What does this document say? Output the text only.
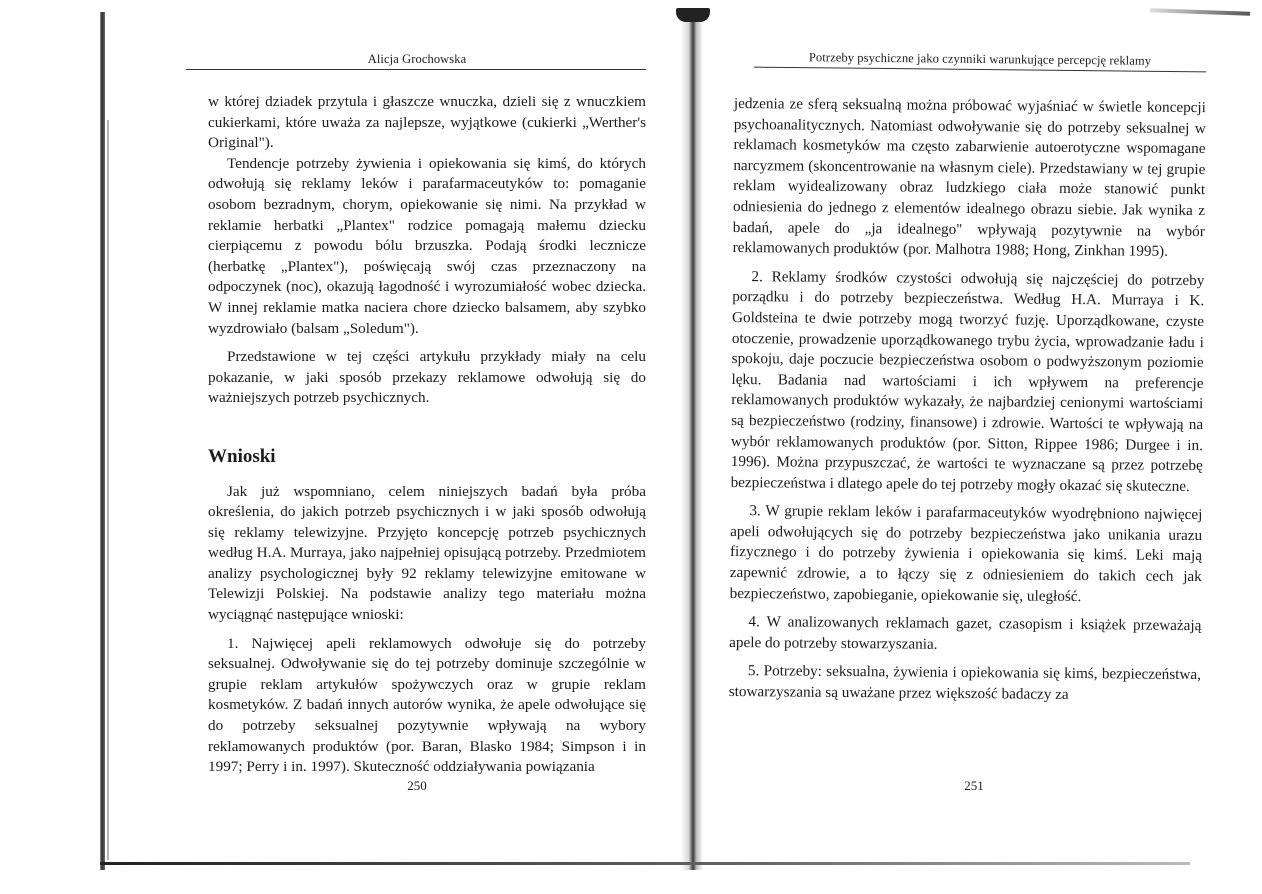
Alicja Grochowska

w której dziadek przytula i głaszcze wnuczka, dzieli się z wnuczkiem cukierkami, które uważa za najlepsze, wyjątkowe (cukierki „Werther's Original").

Tendencje potrzeby żywienia i opiekowania się kimś, do których odwołują się reklamy leków i parafarmaceutyków to: pomaganie osobom bezradnym, chorym, opiekowanie się nimi. Na przykład w reklamie herbatki „Plantex" rodzice pomagają małemu dziecku cierpiącemu z powodu bólu brzuszka. Podają środki lecznicze (herbatkę „Plantex"), poświęcają swój czas przeznaczony na odpoczynek (noc), okazują łagodność i wyrozumiałość wobec dziecka. W innej reklamie matka naciera chore dziecko balsamem, aby szybko wyzdrowiało (balsam „Soledum").

Przedstawione w tej części artykułu przykłady miały na celu pokazanie, w jaki sposób przekazy reklamowe odwołują się do ważniejszych potrzeb psychicznych.

Wnioski

Jak już wspomniano, celem niniejszych badań była próba określenia, do jakich potrzeb psychicznych i w jaki sposób odwołują się reklamy telewizyjne. Przyjęto koncepcję potrzeb psychicznych według H.A. Murraya, jako najpełniej opisującą potrzeby. Przedmiotem analizy psychologicznej były 92 reklamy telewizyjne emitowane w Telewizji Polskiej. Na podstawie analizy tego materiału można wyciągnąć następujące wnioski:

1. Najwięcej apeli reklamowych odwołuje się do potrzeby seksualnej. Odwoływanie się do tej potrzeby dominuje szczególnie w grupie reklam artykułów spożywczych oraz w grupie reklam kosmetyków. Z badań innych autorów wynika, że apele odwołujące się do potrzeby seksualnej pozytywnie wpływają na wybory reklamowanych produktów (por. Baran, Blasko 1984; Simpson i in 1997; Perry i in. 1997). Skuteczność oddziaływania powiązania

250
Potrzeby psychiczne jako czynniki warunkujące percepcję reklamy

jedzenia ze sferą seksualną można próbować wyjaśniać w świetle koncepcji psychoanalitycznych. Natomiast odwoływanie się do potrzeby seksualnej w reklamach kosmetyków ma często zabarwienie autoerotyczne wspomagane narcyzmem (skoncentrowanie na własnym ciele). Przedstawiany w tej grupie reklam wyidealizowany obraz ludzkiego ciała może stanowić punkt odniesienia do jednego z elementów idealnego obrazu siebie. Jak wynika z badań, apele do „ja idealnego" wpływają pozytywnie na wybór reklamowanych produktów (por. Malhotra 1988; Hong, Zinkhan 1995).

2. Reklamy środków czystości odwołują się najczęściej do potrzeby porządku i do potrzeby bezpieczeństwa. Według H.A. Murraya i K. Goldsteina te dwie potrzeby mogą tworzyć fuzję. Uporządkowane, czyste otoczenie, prowadzenie uporządkowanego trybu życia, wprowadzanie ładu i spokoju, daje poczucie bezpieczeństwa osobom o podwyższonym poziomie lęku. Badania nad wartościami i ich wpływem na preferencje reklamowanych produktów wykazały, że najbardziej cenionymi wartościami są bezpieczeństwo (rodziny, finansowe) i zdrowie. Wartości te wpływają na wybór reklamowanych produktów (por. Sitton, Rippee 1986; Durgee i in. 1996). Można przypuszczać, że wartości te wyznaczane są przez potrzebę bezpieczeństwa i dlatego apele do tej potrzeby mogły okazać się skuteczne.

3. W grupie reklam leków i parafarmaceutyków wyodrębniono najwięcej apeli odwołujących się do potrzeby bezpieczeństwa jako unikania urazu fizycznego i do potrzeby żywienia i opiekowania się kimś. Leki mają zapewnić zdrowie, a to łączy się z odniesieniem do takich cech jak bezpieczeństwo, zapobieganie, opiekowanie się, uległość.

4. W analizowanych reklamach gazet, czasopism i książek przeważają apele do potrzeby stowarzyszania.

5. Potrzeby: seksualna, żywienia i opiekowania się kimś, bezpieczeństwa, stowarzyszania są uważane przez większość badaczy za

251
